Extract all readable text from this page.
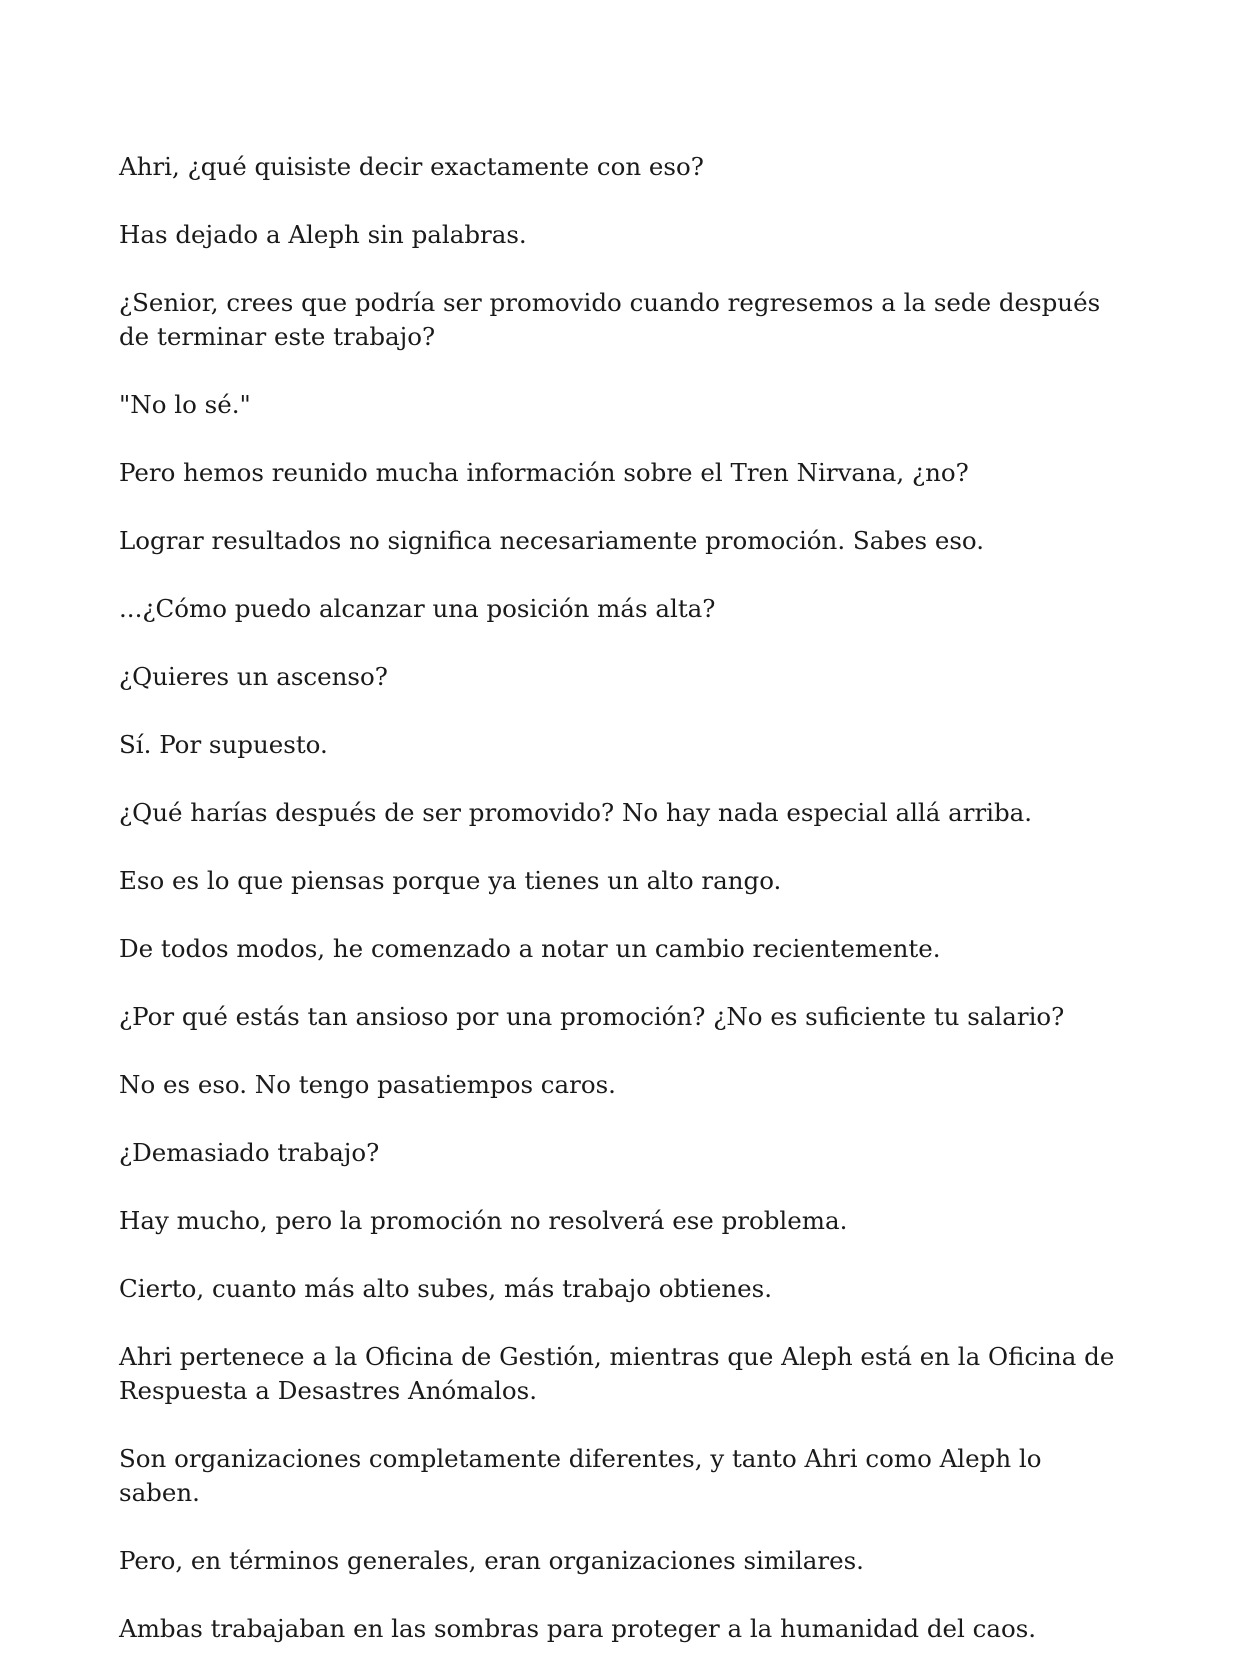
Ahri, ¿qué quisiste decir exactamente con eso?

Has dejado a Aleph sin palabras.

¿Senior, crees que podría ser promovido cuando regresemos a la sede después de terminar este trabajo?

"No lo sé."

Pero hemos reunido mucha información sobre el Tren Nirvana, ¿no?

Lograr resultados no significa necesariamente promoción. Sabes eso.

...¿Cómo puedo alcanzar una posición más alta?

¿Quieres un ascenso?

Sí. Por supuesto.

¿Qué harías después de ser promovido? No hay nada especial allá arriba.

Eso es lo que piensas porque ya tienes un alto rango.

De todos modos, he comenzado a notar un cambio recientemente.

¿Por qué estás tan ansioso por una promoción? ¿No es suficiente tu salario?

No es eso. No tengo pasatiempos caros.

¿Demasiado trabajo?

Hay mucho, pero la promoción no resolverá ese problema.

Cierto, cuanto más alto subes, más trabajo obtienes.

Ahri pertenece a la Oficina de Gestión, mientras que Aleph está en la Oficina de Respuesta a Desastres Anómalos.

Son organizaciones completamente diferentes, y tanto Ahri como Aleph lo saben.

Pero, en términos generales, eran organizaciones similares.

Ambas trabajaban en las sombras para proteger a la humanidad del caos.
